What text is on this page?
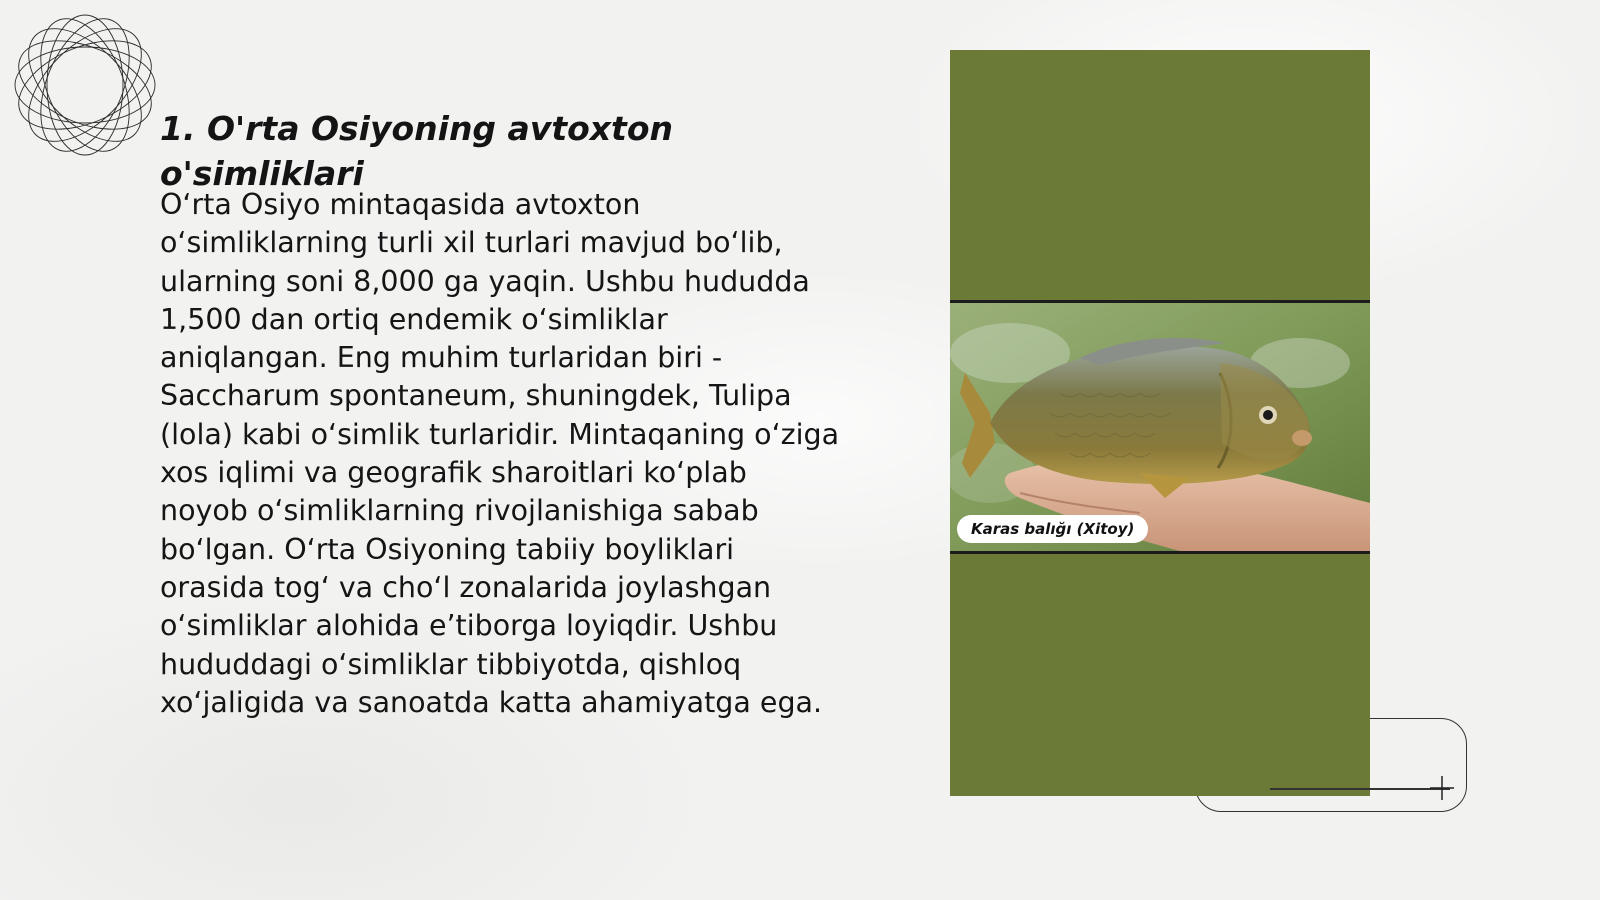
1. O'rta Osiyoning avtoxton o'simliklari

O‘rta Osiyo mintaqasida avtoxton o‘simliklarning turli xil turlari mavjud bo‘lib, ularning soni 8,000 ga yaqin. Ushbu hududda 1,500 dan ortiq endemik o‘simliklar aniqlangan. Eng muhim turlaridan biri - Saccharum spontaneum, shuningdek, Tulipa (lola) kabi o‘simlik turlaridir. Mintaqaning o‘ziga xos iqlimi va geografik sharoitlari ko‘plab noyob o‘simliklarning rivojlanishiga sabab bo‘lgan. O‘rta Osiyoning tabiiy boyliklari orasida tog‘ va cho‘l zonalarida joylashgan o‘simliklar alohida e’tiborga loyiqdir. Ushbu hududdagi o‘simliklar tibbiyotda, qishloq xo‘jaligida va sanoatda katta ahamiyatga ega.

Karas balığı (Xitoy)
